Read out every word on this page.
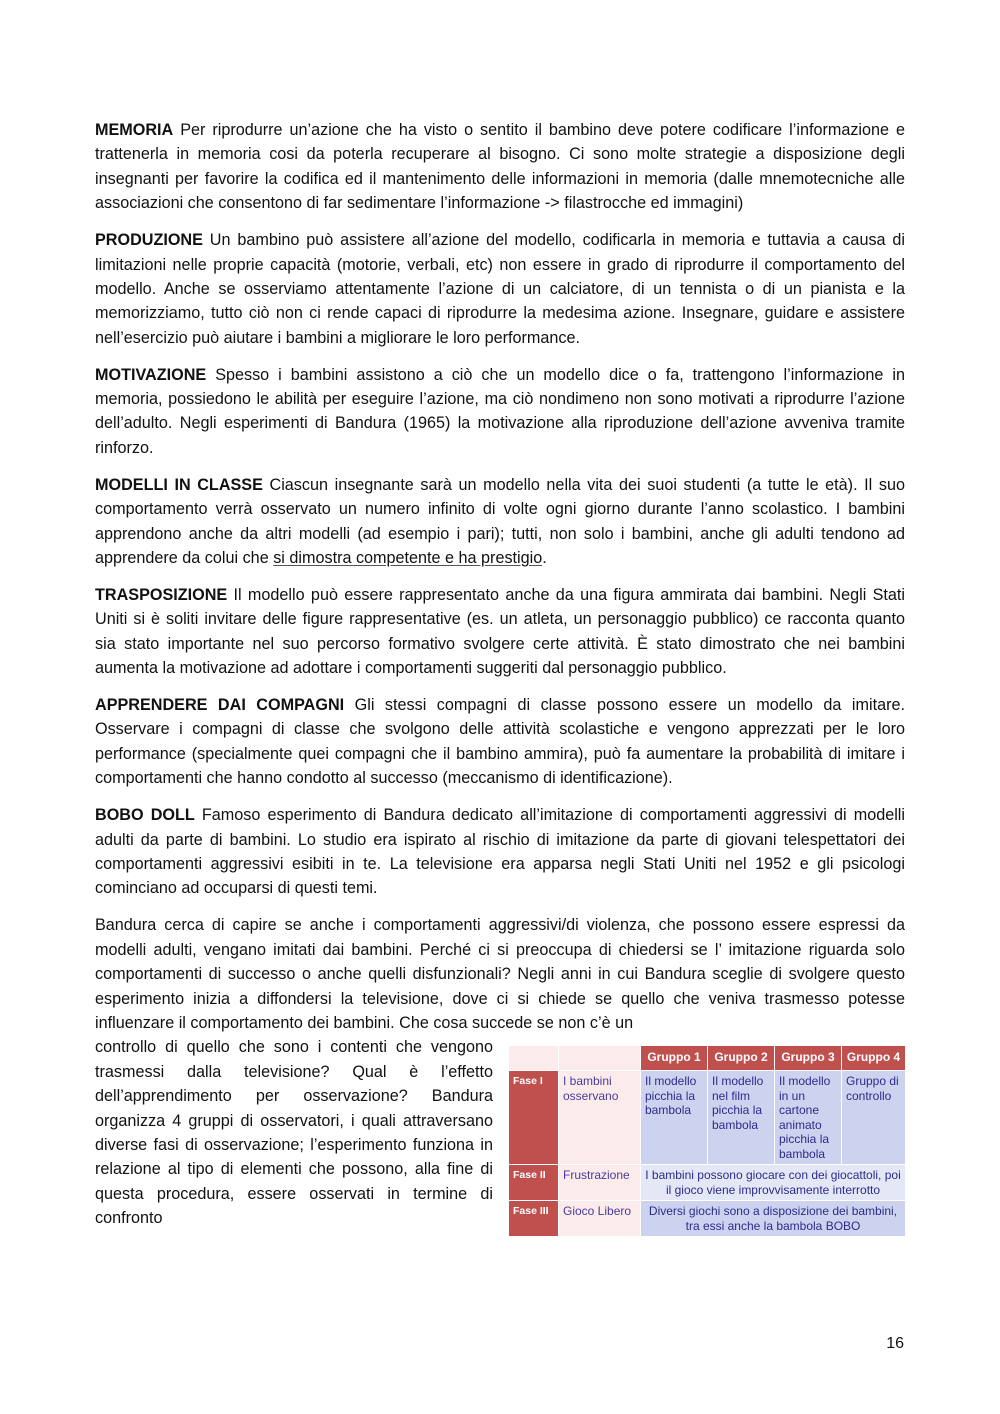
MEMORIA Per riprodurre un’azione che ha visto o sentito il bambino deve potere codificare l’informazione e trattenerla in memoria cosi da poterla recuperare al bisogno. Ci sono molte strategie a disposizione degli insegnanti per favorire la codifica ed il mantenimento delle informazioni in memoria (dalle mnemotecniche alle associazioni che consentono di far sedimentare l’informazione -> filastrocche ed immagini)

PRODUZIONE Un bambino può assistere all’azione del modello, codificarla in memoria e tuttavia a causa di limitazioni nelle proprie capacità (motorie, verbali, etc) non essere in grado di riprodurre il comportamento del modello. Anche se osserviamo attentamente l’azione di un calciatore, di un tennista o di un pianista e la memorizziamo, tutto ciò non ci rende capaci di riprodurre la medesima azione. Insegnare, guidare e assistere nell’esercizio può aiutare i bambini a migliorare le loro performance.

MOTIVAZIONE Spesso i bambini assistono a ciò che un modello dice o fa, trattengono l’informazione in memoria, possiedono le abilità per eseguire l’azione, ma ciò nondimeno non sono motivati a riprodurre l’azione dell’adulto. Negli esperimenti di Bandura (1965) la motivazione alla riproduzione dell’azione avveniva tramite rinforzo.

MODELLI IN CLASSE Ciascun insegnante sarà un modello nella vita dei suoi studenti (a tutte le età). Il suo comportamento verrà osservato un numero infinito di volte ogni giorno durante l’anno scolastico. I bambini apprendono anche da altri modelli (ad esempio i pari); tutti, non solo i bambini, anche gli adulti tendono ad apprendere da colui che si dimostra competente e ha prestigio.

TRASPOSIZIONE Il modello può essere rappresentato anche da una figura ammirata dai bambini. Negli Stati Uniti si è soliti invitare delle figure rappresentative (es. un atleta, un personaggio pubblico) ce racconta quanto sia stato importante nel suo percorso formativo svolgere certe attività. È stato dimostrato che nei bambini aumenta la motivazione ad adottare i comportamenti suggeriti dal personaggio pubblico.

APPRENDERE DAI COMPAGNI Gli stessi compagni di classe possono essere un modello da imitare. Osservare i compagni di classe che svolgono delle attività scolastiche e vengono apprezzati per le loro performance (specialmente quei compagni che il bambino ammira), può fa aumentare la probabilità di imitare i comportamenti che hanno condotto al successo (meccanismo di identificazione).

BOBO DOLL Famoso esperimento di Bandura dedicato all’imitazione di comportamenti aggressivi di modelli adulti da parte di bambini. Lo studio era ispirato al rischio di imitazione da parte di giovani telespettatori dei comportamenti aggressivi esibiti in te. La televisione era apparsa negli Stati Uniti nel 1952 e gli psicologi cominciano ad occuparsi di questi temi.

Bandura cerca di capire se anche i comportamenti aggressivi/di violenza, che possono essere espressi da modelli adulti, vengano imitati dai bambini. Perché ci si preoccupa di chiedersi se l’ imitazione riguarda solo comportamenti di successo o anche quelli disfunzionali? Negli anni in cui Bandura sceglie di svolgere questo esperimento inizia a diffondersi la televisione, dove ci si chiede se quello che veniva trasmesso potesse influenzare il comportamento dei bambini. Che cosa succede se non c’è un

controllo di quello che sono i contenti che vengono trasmessi dalla televisione? Qual è l’effetto dell’apprendimento per osservazione? Bandura organizza 4 gruppi di osservatori, i quali attraversano diverse fasi di osservazione; l’esperimento funziona in relazione al tipo di elementi che possono, alla fine di questa procedura, essere osservati in termine di confronto

		Gruppo 1	Gruppo 2	Gruppo 3	Gruppo 4
Fase I	I bambini osservano	Il modello picchia la bambola	Il modello nel film picchia la bambola	Il modello in un cartone animato picchia la bambola	Gruppo di controllo
Fase II	Frustrazione	I bambini possono giocare con dei giocattoli, poi il gioco viene improvvisamente interrotto			
Fase III	Gioco Libero	Diversi giochi sono a disposizione dei bambini, tra essi anche la bambola BOBO			
16
